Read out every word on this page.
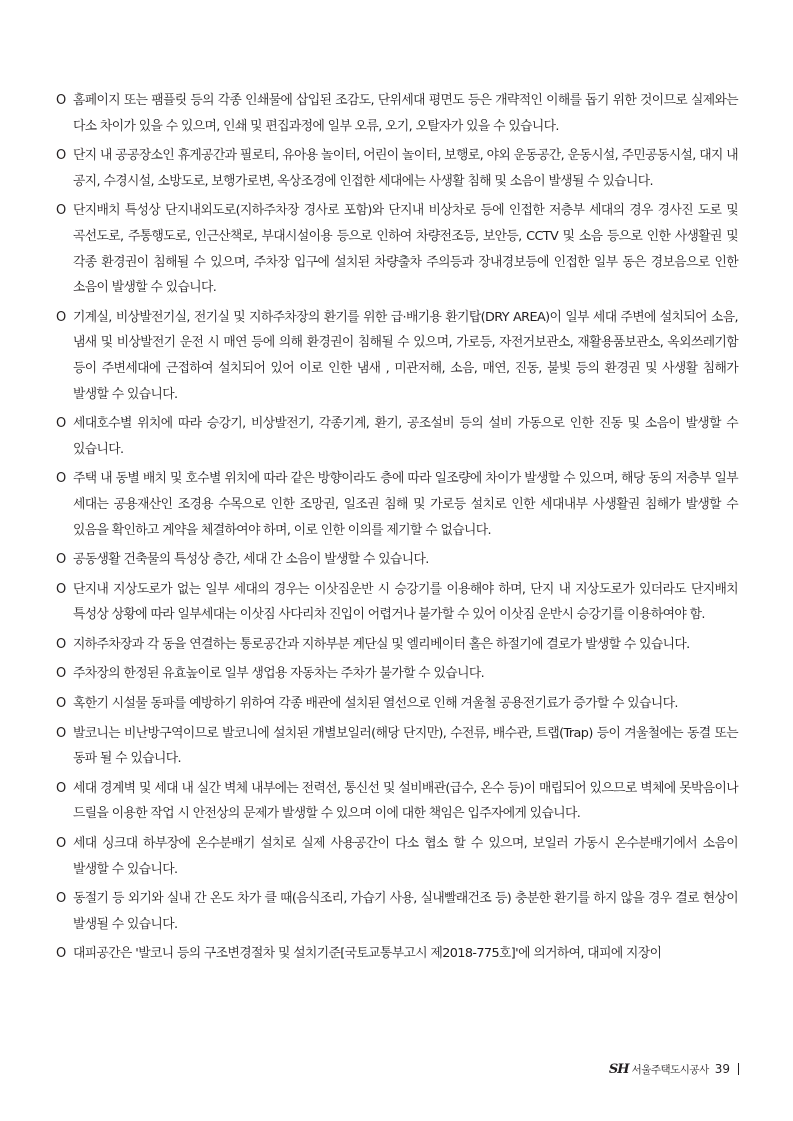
O 홈페이지 또는 팸플릿 등의 각종 인쇄물에 삽입된 조감도, 단위세대 평면도 등은 개략적인 이해를 돕기 위한 것이므로 실제와는 다소 차이가 있을 수 있으며, 인쇄 및 편집과정에 일부 오류, 오기, 오탈자가 있을 수 있습니다.

O 단지 내 공공장소인 휴게공간과 필로티, 유아용 놀이터, 어린이 놀이터, 보행로, 야외 운동공간, 운동시설, 주민공동시설, 대지 내 공지, 수경시설, 소방도로, 보행가로변, 옥상조경에 인접한 세대에는 사생활 침해 및 소음이 발생될 수 있습니다.

O 단지배치 특성상 단지내외도로(지하주차장 경사로 포함)와 단지내 비상차로 등에 인접한 저층부 세대의 경우 경사진 도로 및 곡선도로, 주통행도로, 인근산책로, 부대시설이용 등으로 인하여 차량전조등, 보안등, CCTV 및 소음 등으로 인한 사생활권 및 각종 환경권이 침해될 수 있으며, 주차장 입구에 설치된 차량출차 주의등과 장내경보등에 인접한 일부 동은 경보음으로 인한 소음이 발생할 수 있습니다.

O 기계실, 비상발전기실, 전기실 및 지하주차장의 환기를 위한 급·배기용 환기탑(DRY AREA)이 일부 세대 주변에 설치되어 소음, 냄새 및 비상발전기 운전 시 매연 등에 의해 환경권이 침해될 수 있으며, 가로등, 자전거보관소, 재활용품보관소, 옥외쓰레기함 등이 주변세대에 근접하여 설치되어 있어 이로 인한 냄새 , 미관저해, 소음, 매연, 진동, 불빛 등의 환경권 및 사생활 침해가 발생할 수 있습니다.

O 세대호수별 위치에 따라 승강기, 비상발전기, 각종기계, 환기, 공조설비 등의 설비 가동으로 인한 진동 및 소음이 발생할 수 있습니다.

O 주택 내 동별 배치 및 호수별 위치에 따라 같은 방향이라도 층에 따라 일조량에 차이가 발생할 수 있으며, 해당 동의 저층부 일부 세대는 공용재산인 조경용 수목으로 인한 조망권, 일조권 침해 및 가로등 설치로 인한 세대내부 사생활권 침해가 발생할 수 있음을 확인하고 계약을 체결하여야 하며, 이로 인한 이의를 제기할 수 없습니다.

O 공동생활 건축물의 특성상 층간, 세대 간 소음이 발생할 수 있습니다.

O 단지내 지상도로가 없는 일부 세대의 경우는 이삿짐운반 시 승강기를 이용해야 하며, 단지 내 지상도로가 있더라도 단지배치 특성상 상황에 따라 일부세대는 이삿짐 사다리차 진입이 어렵거나 불가할 수 있어 이삿짐 운반시 승강기를 이용하여야 함.

O 지하주차장과 각 동을 연결하는 통로공간과 지하부분 계단실 및 엘리베이터 홀은 하절기에 결로가 발생할 수 있습니다.

O 주차장의 한정된 유효높이로 일부 생업용 자동차는 주차가 불가할 수 있습니다.

O 혹한기 시설물 동파를 예방하기 위하여 각종 배관에 설치된 열선으로 인해 겨울철 공용전기료가 증가할 수 있습니다.

O 발코니는 비난방구역이므로 발코니에 설치된 개별보일러(해당 단지만), 수전류, 배수관, 트랩(Trap) 등이 겨울철에는 동결 또는 동파 될 수 있습니다.

O 세대 경계벽 및 세대 내 실간 벽체 내부에는 전력선, 통신선 및 설비배관(급수, 온수 등)이 매립되어 있으므로 벽체에 못박음이나 드릴을 이용한 작업 시 안전상의 문제가 발생할 수 있으며 이에 대한 책임은 입주자에게 있습니다.

O 세대 싱크대 하부장에 온수분배기 설치로 실제 사용공간이 다소 협소 할 수 있으며, 보일러 가동시 온수분배기에서 소음이 발생할 수 있습니다.

O 동절기 등 외기와 실내 간 온도 차가 클 때(음식조리, 가습기 사용, 실내빨래건조 등) 충분한 환기를 하지 않을 경우 결로 현상이 발생될 수 있습니다.

O 대피공간은 '발코니 등의 구조변경절차 및 설치기준[국토교통부고시 제2018-775호]'에 의거하여, 대피에 지장이

SH 서울주택도시공사 39
